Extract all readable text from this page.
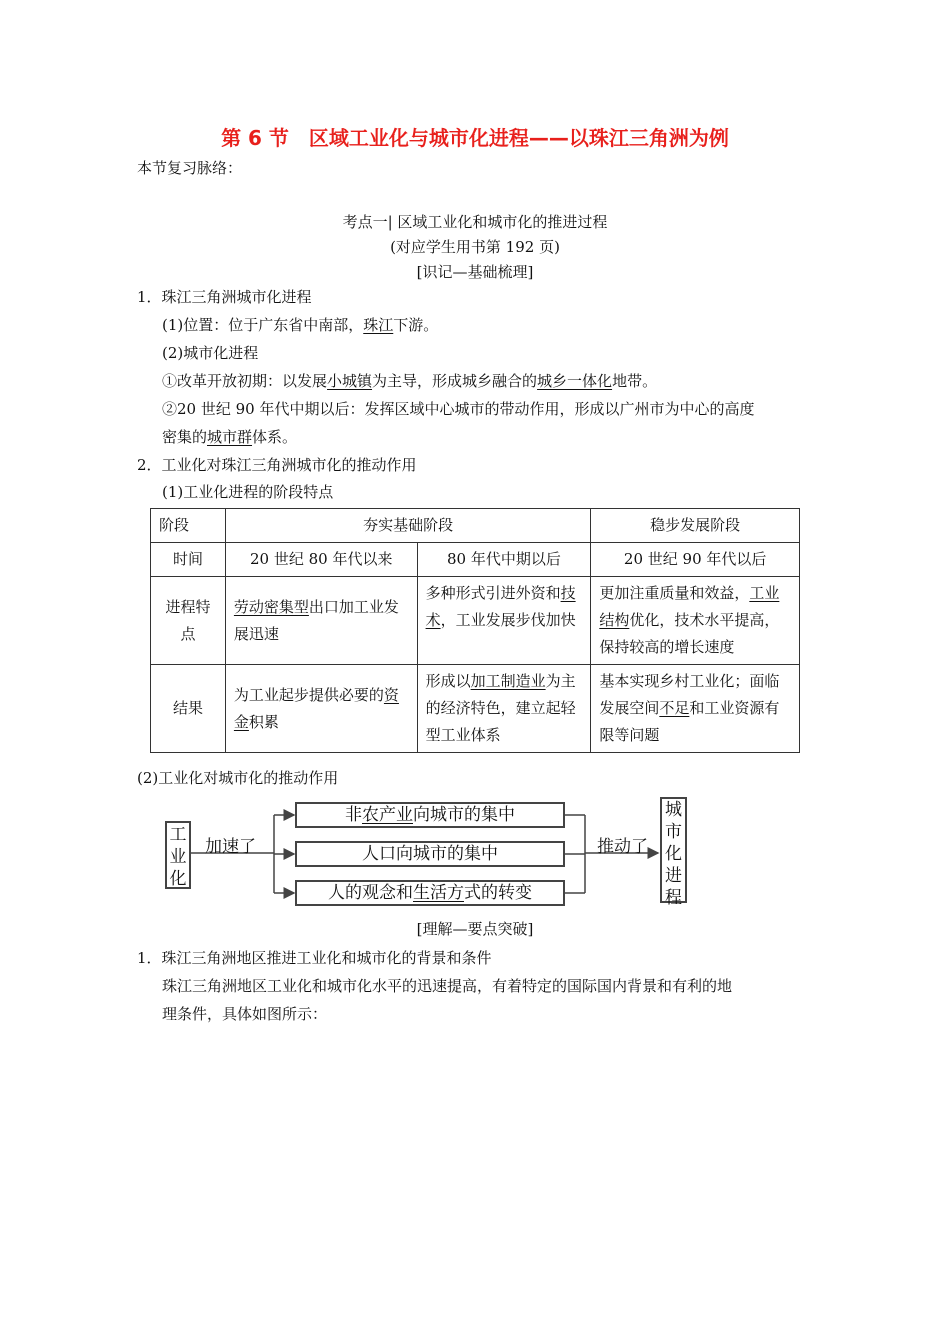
第 6 节　区域工业化与城市化进程——以珠江三角洲为例
本节复习脉络：
考点一| 区域工业化和城市化的推进过程
(对应学生用书第 192 页)
[识记—基础梳理]
1．珠江三角洲城市化进程
(1)位置：位于广东省中南部，珠江下游。
(2)城市化进程
①改革开放初期：以发展小城镇为主导，形成城乡融合的城乡一体化地带。
②20 世纪 90 年代中期以后：发挥区域中心城市的带动作用，形成以广州市为中心的高度
密集的城市群体系。
2．工业化对珠江三角洲城市化的推动作用
(1)工业化进程的阶段特点
阶段	夯实基础阶段		稳步发展阶段
时间	20 世纪 80 年代以来	80 年代中期以后	20 世纪 90 年代以后
进程特点	劳动密集型出口加工业发展迅速	多种形式引进外资和技术，工业发展步伐加快	更加注重质量和效益，工业结构优化，技术水平提高，保持较高的增长速度
结果	为工业起步提供必要的资金积累	形成以加工制造业为主的经济特色，建立起轻型工业体系	基本实现乡村工业化；面临发展空间不足和工业资源有限等问题
(2)工业化对城市化的推动作用
工业化
加速了
非农产业向城市的集中
人口向城市的集中
人的观念和生活方式的转变
推动了
城市化进程
[理解—要点突破]
1．珠江三角洲地区推进工业化和城市化的背景和条件
珠江三角洲地区工业化和城市化水平的迅速提高，有着特定的国际国内背景和有利的地
理条件，具体如图所示：
